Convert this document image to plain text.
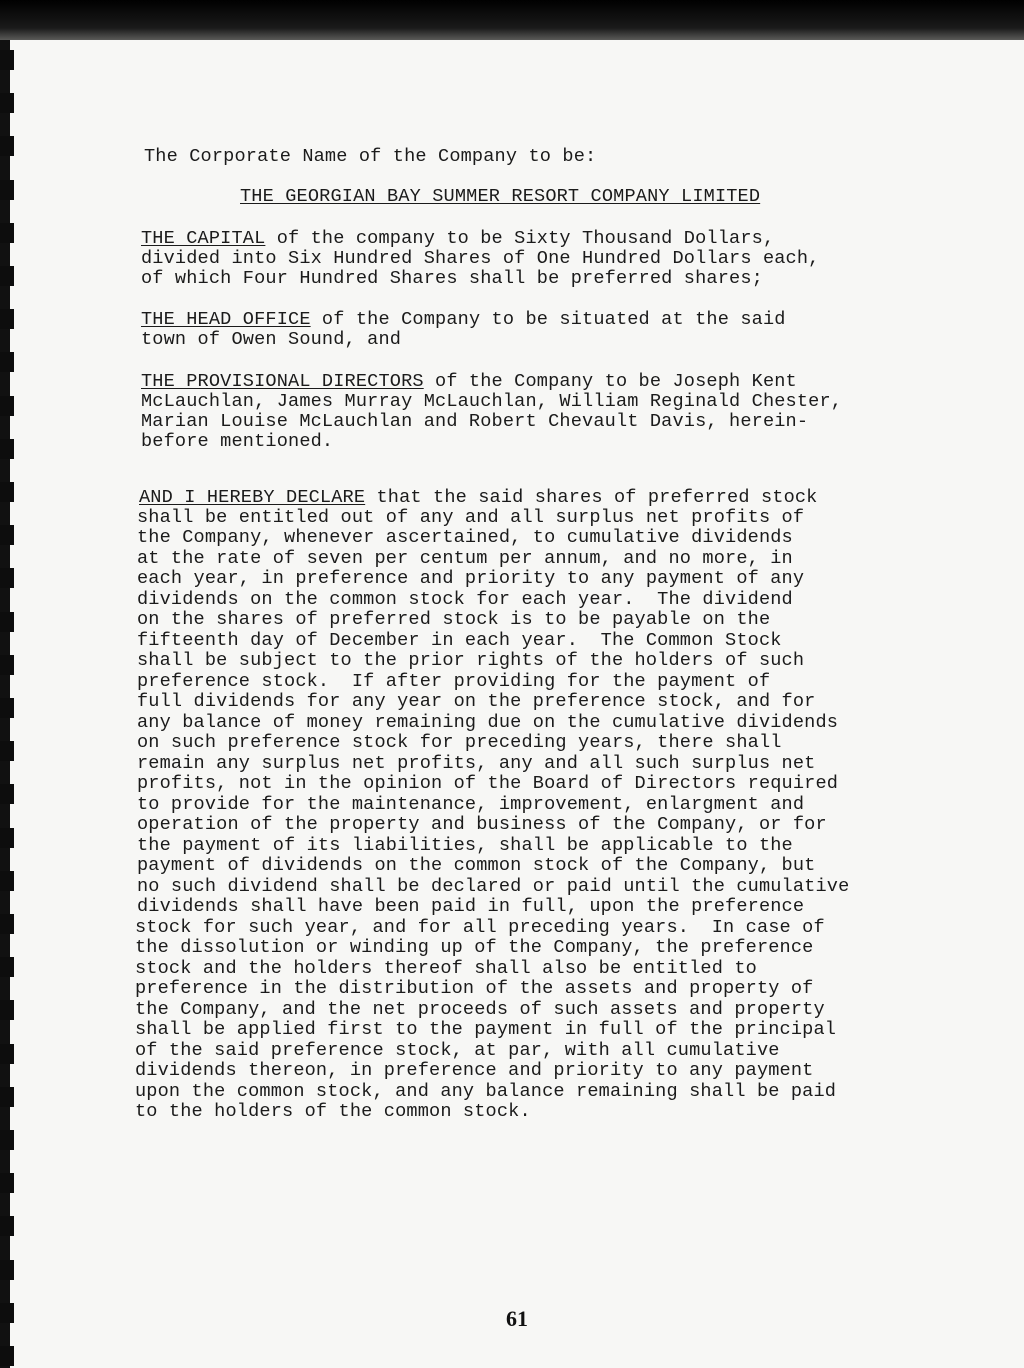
The Corporate Name of the Company to be:
THE GEORGIAN BAY SUMMER RESORT COMPANY LIMITED
THE CAPITAL of the company to be Sixty Thousand Dollars,
divided into Six Hundred Shares of One Hundred Dollars each,
of which Four Hundred Shares shall be preferred shares;
THE HEAD OFFICE of the Company to be situated at the said
town of Owen Sound, and
THE PROVISIONAL DIRECTORS of the Company to be Joseph Kent
McLauchlan, James Murray McLauchlan, William Reginald Chester,
Marian Louise McLauchlan and Robert Chevault Davis, herein-
before mentioned.
AND I HEREBY DECLARE that the said shares of preferred stock
shall be entitled out of any and all surplus net profits of
the Company, whenever ascertained, to cumulative dividends
at the rate of seven per centum per annum, and no more, in
each year, in preference and priority to any payment of any
dividends on the common stock for each year.  The dividend
on the shares of preferred stock is to be payable on the
fifteenth day of December in each year.  The Common Stock
shall be subject to the prior rights of the holders of such
preference stock.  If after providing for the payment of
full dividends for any year on the preference stock, and for
any balance of money remaining due on the cumulative dividends
on such preference stock for preceding years, there shall
remain any surplus net profits, any and all such surplus net
profits, not in the opinion of the Board of Directors required
to provide for the maintenance, improvement, enlargment and
operation of the property and business of the Company, or for
the payment of its liabilities, shall be applicable to the
payment of dividends on the common stock of the Company, but
no such dividend shall be declared or paid until the cumulative
dividends shall have been paid in full, upon the preference
stock for such year, and for all preceding years.  In case of
the dissolution or winding up of the Company, the preference
stock and the holders thereof shall also be entitled to
preference in the distribution of the assets and property of
the Company, and the net proceeds of such assets and property
shall be applied first to the payment in full of the principal
of the said preference stock, at par, with all cumulative
dividends thereon, in preference and priority to any payment
upon the common stock, and any balance remaining shall be paid
to the holders of the common stock.
61
